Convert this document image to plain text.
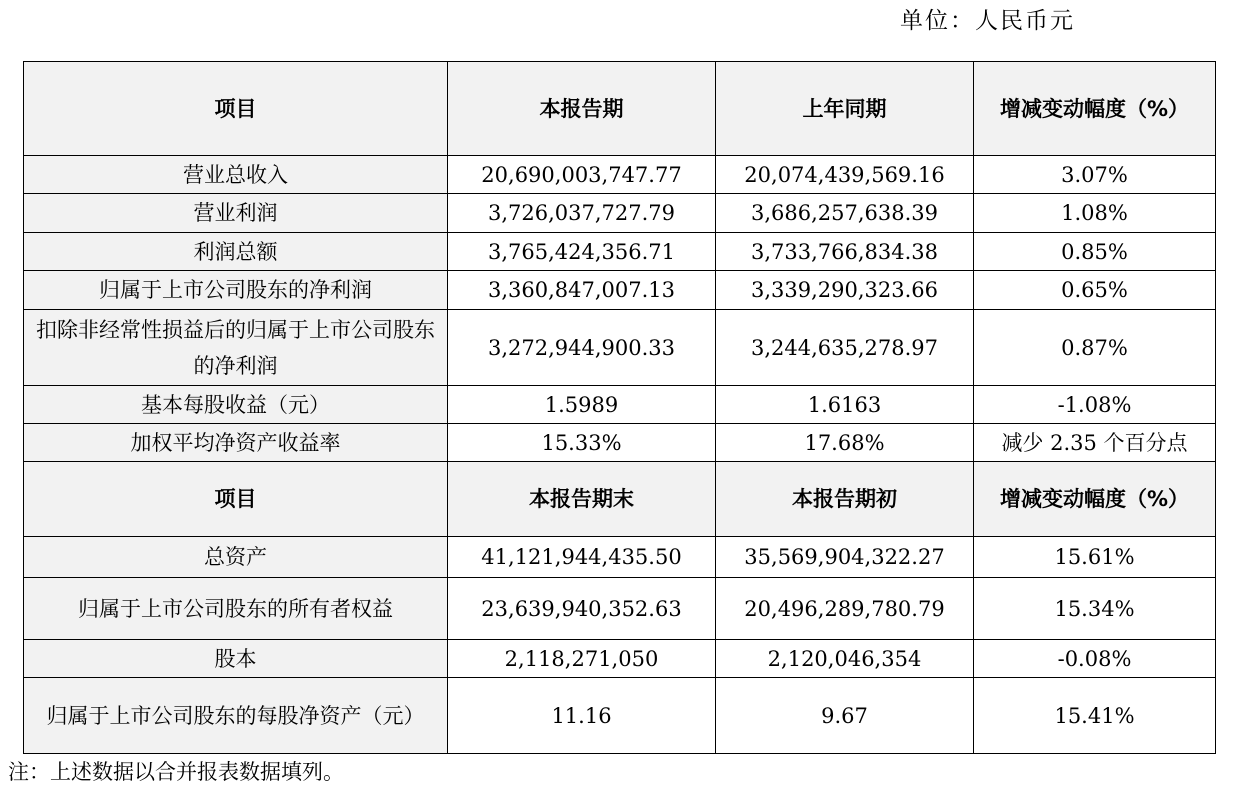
单位：人民币元
项目	本报告期	上年同期	增减变动幅度（%）
营业总收入	20,690,003,747.77	20,074,439,569.16	3.07%
营业利润	3,726,037,727.79	3,686,257,638.39	1.08%
利润总额	3,765,424,356.71	3,733,766,834.38	0.85%
归属于上市公司股东的净利润	3,360,847,007.13	3,339,290,323.66	0.65%
扣除非经常性损益后的归属于上市公司股东的净利润	3,272,944,900.33	3,244,635,278.97	0.87%
基本每股收益（元）	1.5989	1.6163	-1.08%
加权平均净资产收益率	15.33%	17.68%	减少 2.35 个百分点
项目	本报告期末	本报告期初	增减变动幅度（%）
总资产	41,121,944,435.50	35,569,904,322.27	15.61%
归属于上市公司股东的所有者权益	23,639,940,352.63	20,496,289,780.79	15.34%
股本	2,118,271,050	2,120,046,354	-0.08%
归属于上市公司股东的每股净资产（元）	11.16	9.67	15.41%
注：上述数据以合并报表数据填列。
